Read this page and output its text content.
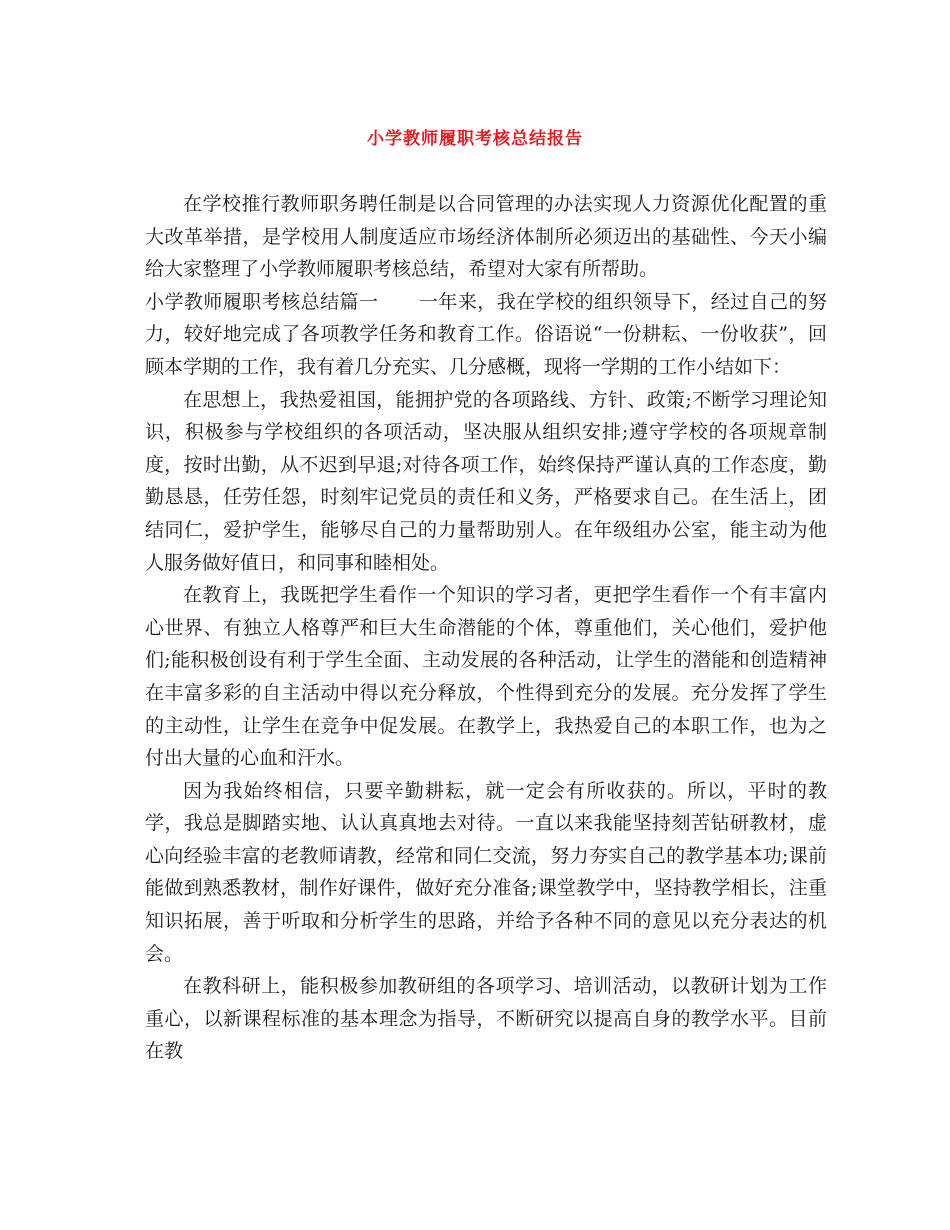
小学教师履职考核总结报告

在学校推行教师职务聘任制是以合同管理的办法实现人力资源优化配置的重大改革举措，是学校用人制度适应市场经济体制所必须迈出的基础性、今天小编给大家整理了小学教师履职考核总结，希望对大家有所帮助。

小学教师履职考核总结篇一 一年来，我在学校的组织领导下，经过自己的努力，较好地完成了各项教学任务和教育工作。俗语说“一份耕耘、一份收获”，回顾本学期的工作，我有着几分充实、几分感概，现将一学期的工作小结如下：

在思想上，我热爱祖国，能拥护党的各项路线、方针、政策;不断学习理论知识，积极参与学校组织的各项活动，坚决服从组织安排;遵守学校的各项规章制度，按时出勤，从不迟到早退;对待各项工作，始终保持严谨认真的工作态度，勤勤恳恳，任劳任怨，时刻牢记党员的责任和义务，严格要求自己。在生活上，团结同仁，爱护学生，能够尽自己的力量帮助别人。在年级组办公室，能主动为他人服务做好值日，和同事和睦相处。

在教育上，我既把学生看作一个知识的学习者，更把学生看作一个有丰富内心世界、有独立人格尊严和巨大生命潜能的个体，尊重他们，关心他们，爱护他们;能积极创设有利于学生全面、主动发展的各种活动，让学生的潜能和创造精神在丰富多彩的自主活动中得以充分释放，个性得到充分的发展。充分发挥了学生的主动性，让学生在竞争中促发展。在教学上，我热爱自己的本职工作，也为之付出大量的心血和汗水。

因为我始终相信，只要辛勤耕耘，就一定会有所收获的。所以，平时的教学，我总是脚踏实地、认认真真地去对待。一直以来我能坚持刻苦钻研教材，虚心向经验丰富的老教师请教，经常和同仁交流，努力夯实自己的教学基本功;课前能做到熟悉教材，制作好课件，做好充分准备;课堂教学中，坚持教学相长，注重知识拓展，善于听取和分析学生的思路，并给予各种不同的意见以充分表达的机会。

在教科研上，能积极参加教研组的各项学习、培训活动，以教研计划为工作重心，以新课程标准的基本理念为指导，不断研究以提高自身的教学水平。目前在教
